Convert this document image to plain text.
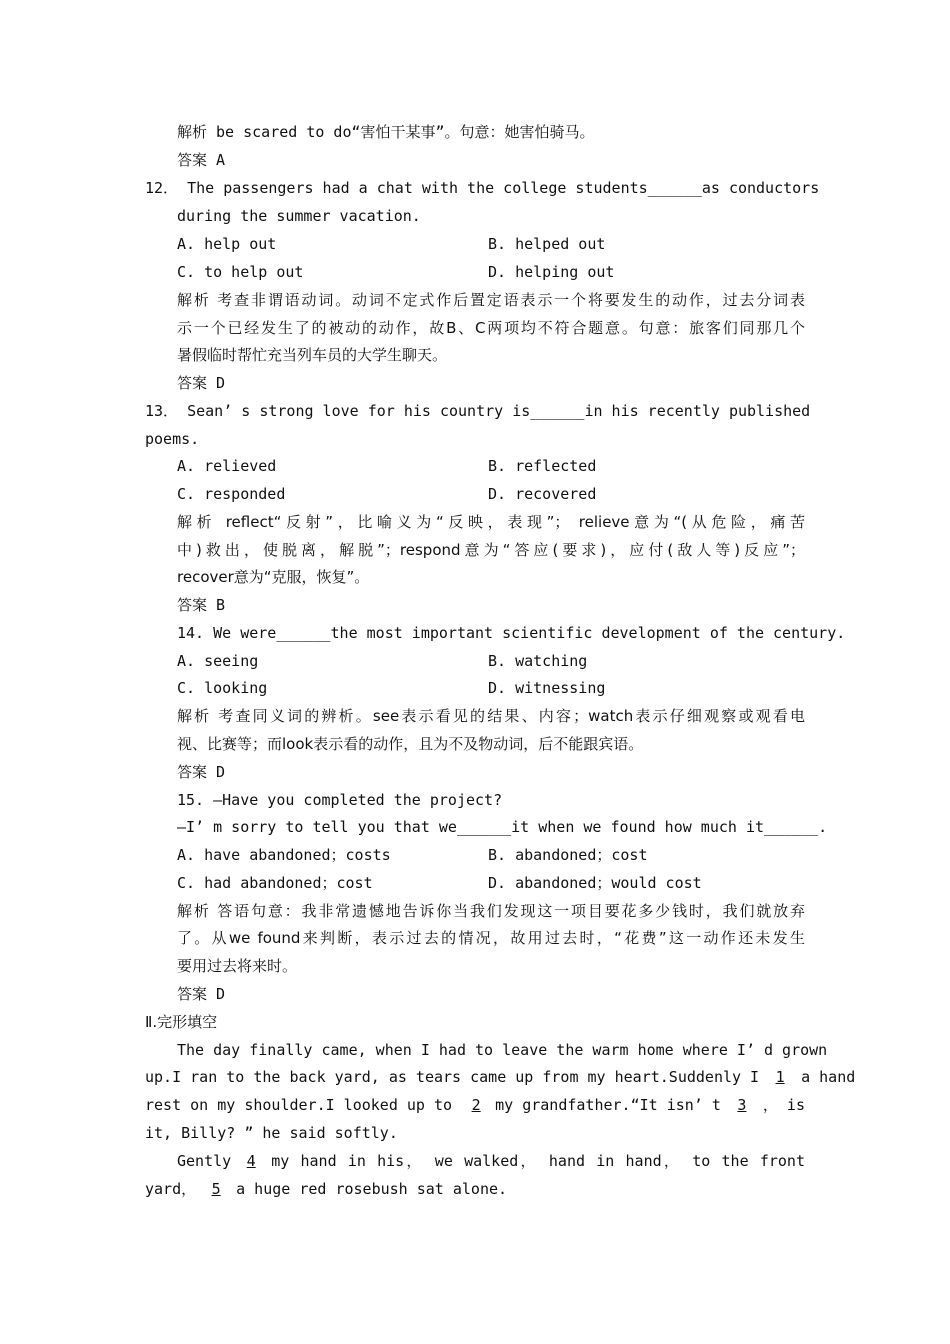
解析 be scared to do“害怕干某事”。句意：她害怕骑马。
答案 A
12． The passengers had a chat with the college students______as conductors
during the summer vacation.
A. help out	B. helped out
C. to help out	D. helping out
解析 考查非谓语动词。动词不定式作后置定语表示一个将要发生的动作，过去分词表
示一个已经发生了的被动的动作，故B、C两项均不符合题意。句意：旅客们同那几个
暑假临时帮忙充当列车员的大学生聊天。
答案 D
13． Sean’ s strong love for his country is______in his recently published
poems.
A. relieved	B. reflected
C. responded	D. recovered
解析 reflect“反射”，比喻义为“反映，表现”； relieve意为“(从危险，痛苦
中)救出，使脱离，解脱”；respond意为“答应(要求)，应付(敌人等)反应”；
recover意为“克服，恢复”。
答案 B
14. We were______the most important scientific development of the century.
A. seeing	B. watching
C. looking	D. witnessing
解析 考查同义词的辨析。see表示看见的结果、内容；watch表示仔细观察或观看电
视、比赛等；而look表示看的动作，且为不及物动词，后不能跟宾语。
答案 D
15. —Have you completed the project?
—I’ m sorry to tell you that we______it when we found how much it______.
A. have abandoned；costs	B. abandoned；cost
C. had abandoned；cost	D. abandoned；would cost
解析 答语句意：我非常遗憾地告诉你当我们发现这一项目要花多少钱时，我们就放弃
了。从we found来判断，表示过去的情况，故用过去时，“花费”这一动作还未发生
要用过去将来时。
答案 D
Ⅱ.完形填空
The day finally came, when I had to leave the warm home where I’ d grown
up.I ran to the back yard, as tears came up from my heart.Suddenly I	1	a hand
rest on my shoulder.I looked up to	2 my grandfather.“It isn’ t	3	， is
it, Billy? ” he said softly.
Gently	4	my hand in his， we walked， hand in hand， to the front
yard，	5	a huge red rosebush sat alone.
